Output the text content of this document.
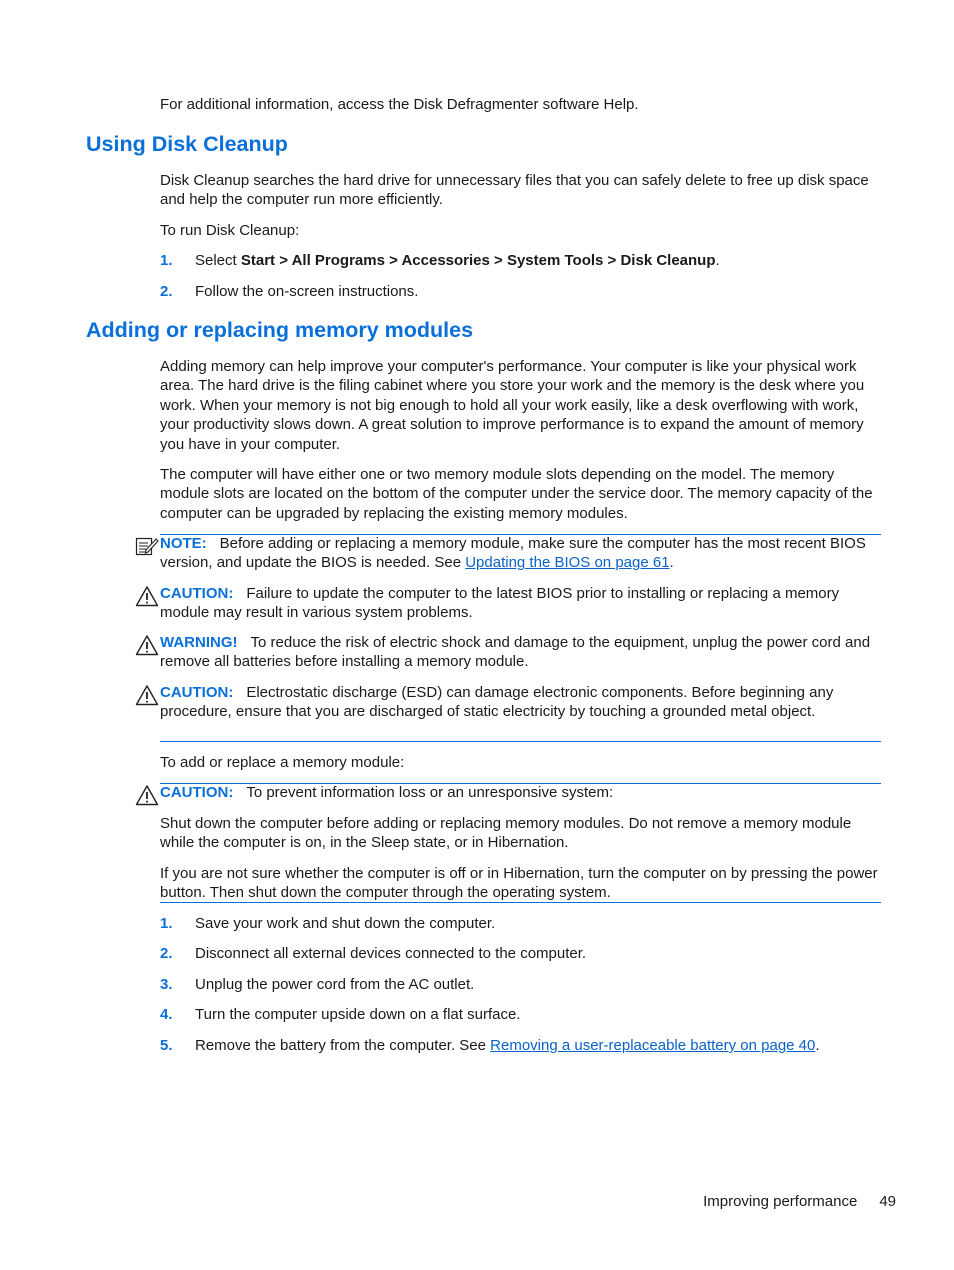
For additional information, access the Disk Defragmenter software Help.

Using Disk Cleanup

Disk Cleanup searches the hard drive for unnecessary files that you can safely delete to free up disk space and help the computer run more efficiently.

To run Disk Cleanup:

1. Select Start > All Programs > Accessories > System Tools > Disk Cleanup.
2. Follow the on-screen instructions.
Adding or replacing memory modules

Adding memory can help improve your computer's performance. Your computer is like your physical work area. The hard drive is the filing cabinet where you store your work and the memory is the desk where you work. When your memory is not big enough to hold all your work easily, like a desk overflowing with work, your productivity slows down. A great solution to improve performance is to expand the amount of memory you have in your computer.

The computer will have either one or two memory module slots depending on the model. The memory module slots are located on the bottom of the computer under the service door. The memory capacity of the computer can be upgraded by replacing the existing memory modules.

NOTE: Before adding or replacing a memory module, make sure the computer has the most recent BIOS version, and update the BIOS is needed. See Updating the BIOS on page 61.

CAUTION: Failure to update the computer to the latest BIOS prior to installing or replacing a memory module may result in various system problems.

WARNING! To reduce the risk of electric shock and damage to the equipment, unplug the power cord and remove all batteries before installing a memory module.

CAUTION: Electrostatic discharge (ESD) can damage electronic components. Before beginning any procedure, ensure that you are discharged of static electricity by touching a grounded metal object.

To add or replace a memory module:

CAUTION: To prevent information loss or an unresponsive system:

Shut down the computer before adding or replacing memory modules. Do not remove a memory module while the computer is on, in the Sleep state, or in Hibernation.

If you are not sure whether the computer is off or in Hibernation, turn the computer on by pressing the power button. Then shut down the computer through the operating system.

1. Save your work and shut down the computer.
2. Disconnect all external devices connected to the computer.
3. Unplug the power cord from the AC outlet.
4. Turn the computer upside down on a flat surface.
5. Remove the battery from the computer. See Removing a user-replaceable battery on page 40.
Improving performance 49
